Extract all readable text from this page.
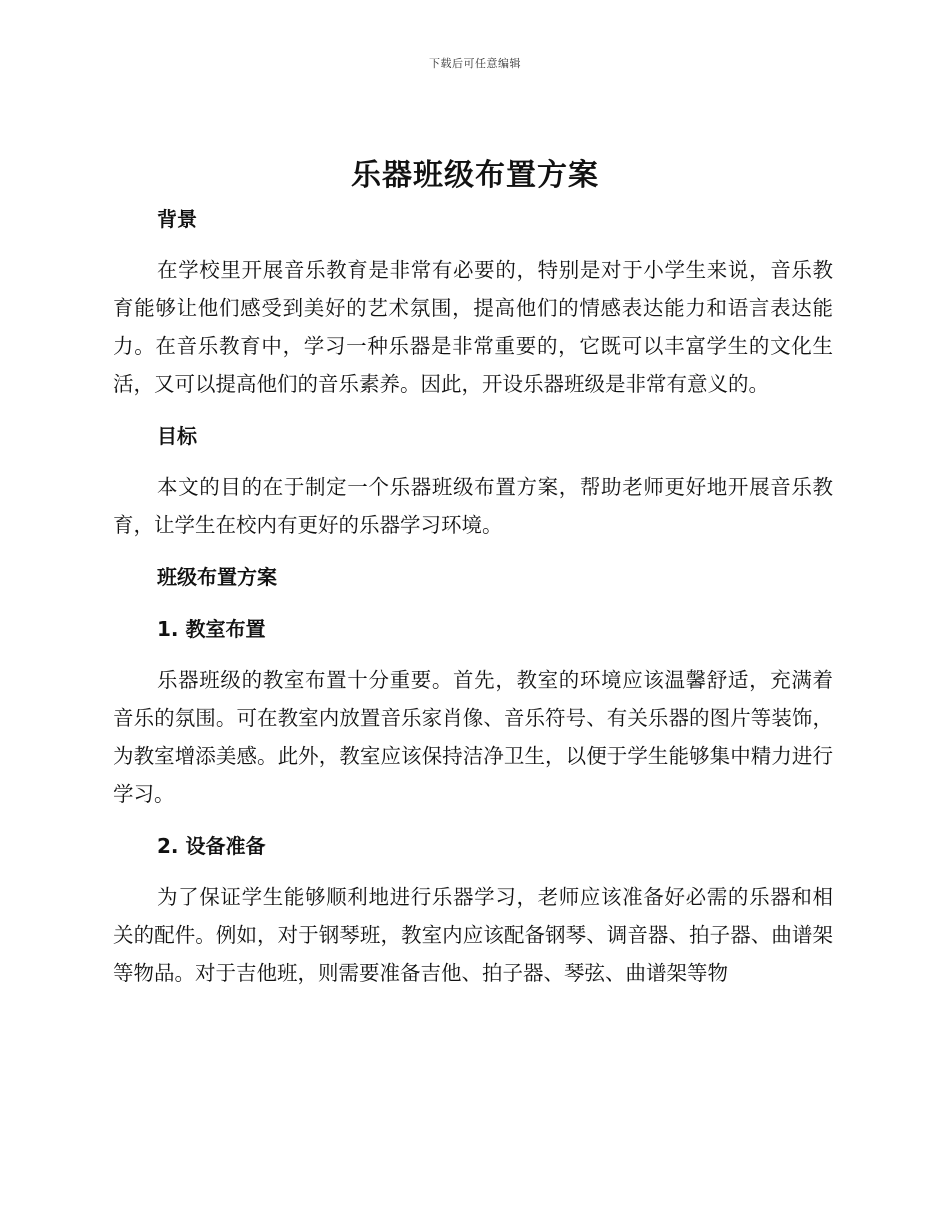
下载后可任意编辑
乐器班级布置方案
背景

在学校里开展音乐教育是非常有必要的，特别是对于小学生来说，音乐教育能够让他们感受到美好的艺术氛围，提高他们的情感表达能力和语言表达能力。在音乐教育中，学习一种乐器是非常重要的，它既可以丰富学生的文化生活，又可以提高他们的音乐素养。因此，开设乐器班级是非常有意义的。

目标

本文的目的在于制定一个乐器班级布置方案，帮助老师更好地开展音乐教育，让学生在校内有更好的乐器学习环境。

班级布置方案
1. 教室布置

乐器班级的教室布置十分重要。首先，教室的环境应该温馨舒适，充满着音乐的氛围。可在教室内放置音乐家肖像、音乐符号、有关乐器的图片等装饰，为教室增添美感。此外，教室应该保持洁净卫生，以便于学生能够集中精力进行学习。

2. 设备准备

为了保证学生能够顺利地进行乐器学习，老师应该准备好必需的乐器和相关的配件。例如，对于钢琴班，教室内应该配备钢琴、调音器、拍子器、曲谱架等物品。对于吉他班，则需要准备吉他、拍子器、琴弦、曲谱架等物
